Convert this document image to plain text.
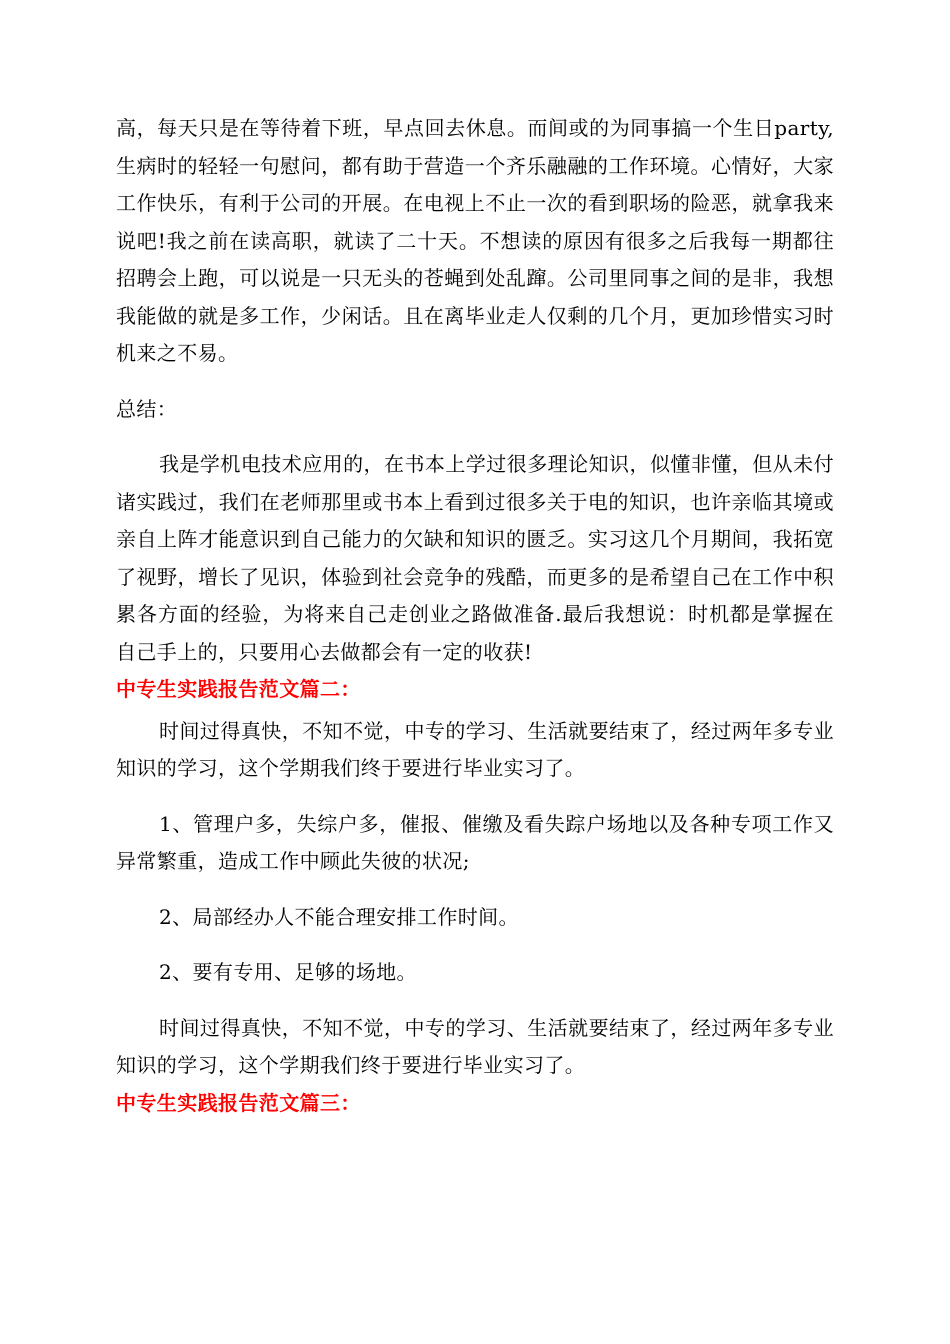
高，每天只是在等待着下班，早点回去休息。而间或的为同事搞一个生日party,生病时的轻轻一句慰问，都有助于营造一个齐乐融融的工作环境。心情好，大家工作快乐，有利于公司的开展。在电视上不止一次的看到职场的险恶，就拿我来说吧!我之前在读高职，就读了二十天。不想读的原因有很多之后我每一期都往招聘会上跑，可以说是一只无头的苍蝇到处乱蹿。公司里同事之间的是非，我想我能做的就是多工作，少闲话。且在离毕业走人仅剩的几个月，更加珍惜实习时机来之不易。

总结：

我是学机电技术应用的，在书本上学过很多理论知识，似懂非懂，但从未付诸实践过，我们在老师那里或书本上看到过很多关于电的知识，也许亲临其境或亲自上阵才能意识到自己能力的欠缺和知识的匮乏。实习这几个月期间，我拓宽了视野，增长了见识，体验到社会竞争的残酷，而更多的是希望自己在工作中积累各方面的经验，为将来自己走创业之路做准备.最后我想说：时机都是掌握在自己手上的，只要用心去做都会有一定的收获!

中专生实践报告范文篇二：

时间过得真快，不知不觉，中专的学习、生活就要结束了，经过两年多专业知识的学习，这个学期我们终于要进行毕业实习了。

1、管理户多，失综户多，催报、催缴及看失踪户场地以及各种专项工作又异常繁重，造成工作中顾此失彼的状况;

2、局部经办人不能合理安排工作时间。

2、要有专用、足够的场地。

时间过得真快，不知不觉，中专的学习、生活就要结束了，经过两年多专业知识的学习，这个学期我们终于要进行毕业实习了。

中专生实践报告范文篇三：
